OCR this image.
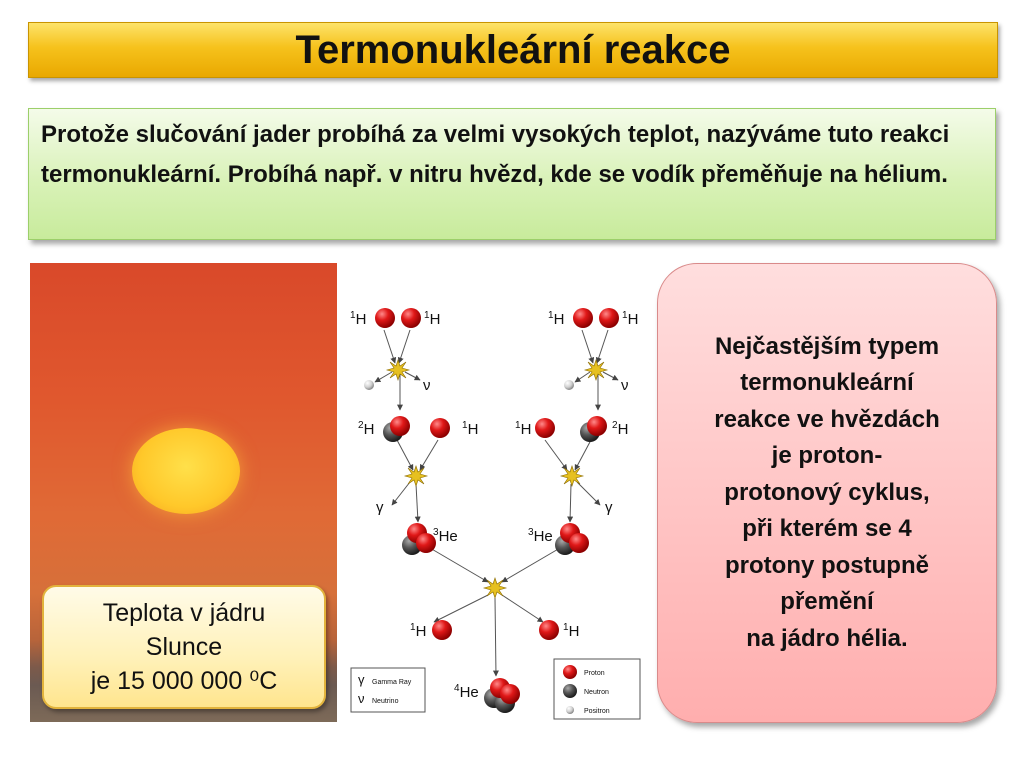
Termonukleární reakce
Protože slučování jader probíhá za velmi vysokých teplot, nazýváme tuto reakci termonukleární. Probíhá např. v nitru hvězd, kde se vodík přeměňuje na hélium.
Teplota v jádru
Slunce
je 15 000 000 ⁰C
$^1$H	$^1$H	$^1$H	$^1$H
ν	ν
$^2$H	$^1$H	$^1$H	$^2$H
γ	γ
$^3$He	$^3$He
$^1$H	$^1$H
$^4$He
γ Gamma Ray
ν Neutrino
Proton
Neutron
Positron

Nejčastějším typem
termonukleární
reakce ve hvězdách
je proton-
protonový cyklus,
při kterém se 4
protony postupně
přemění
na jádro hélia.
